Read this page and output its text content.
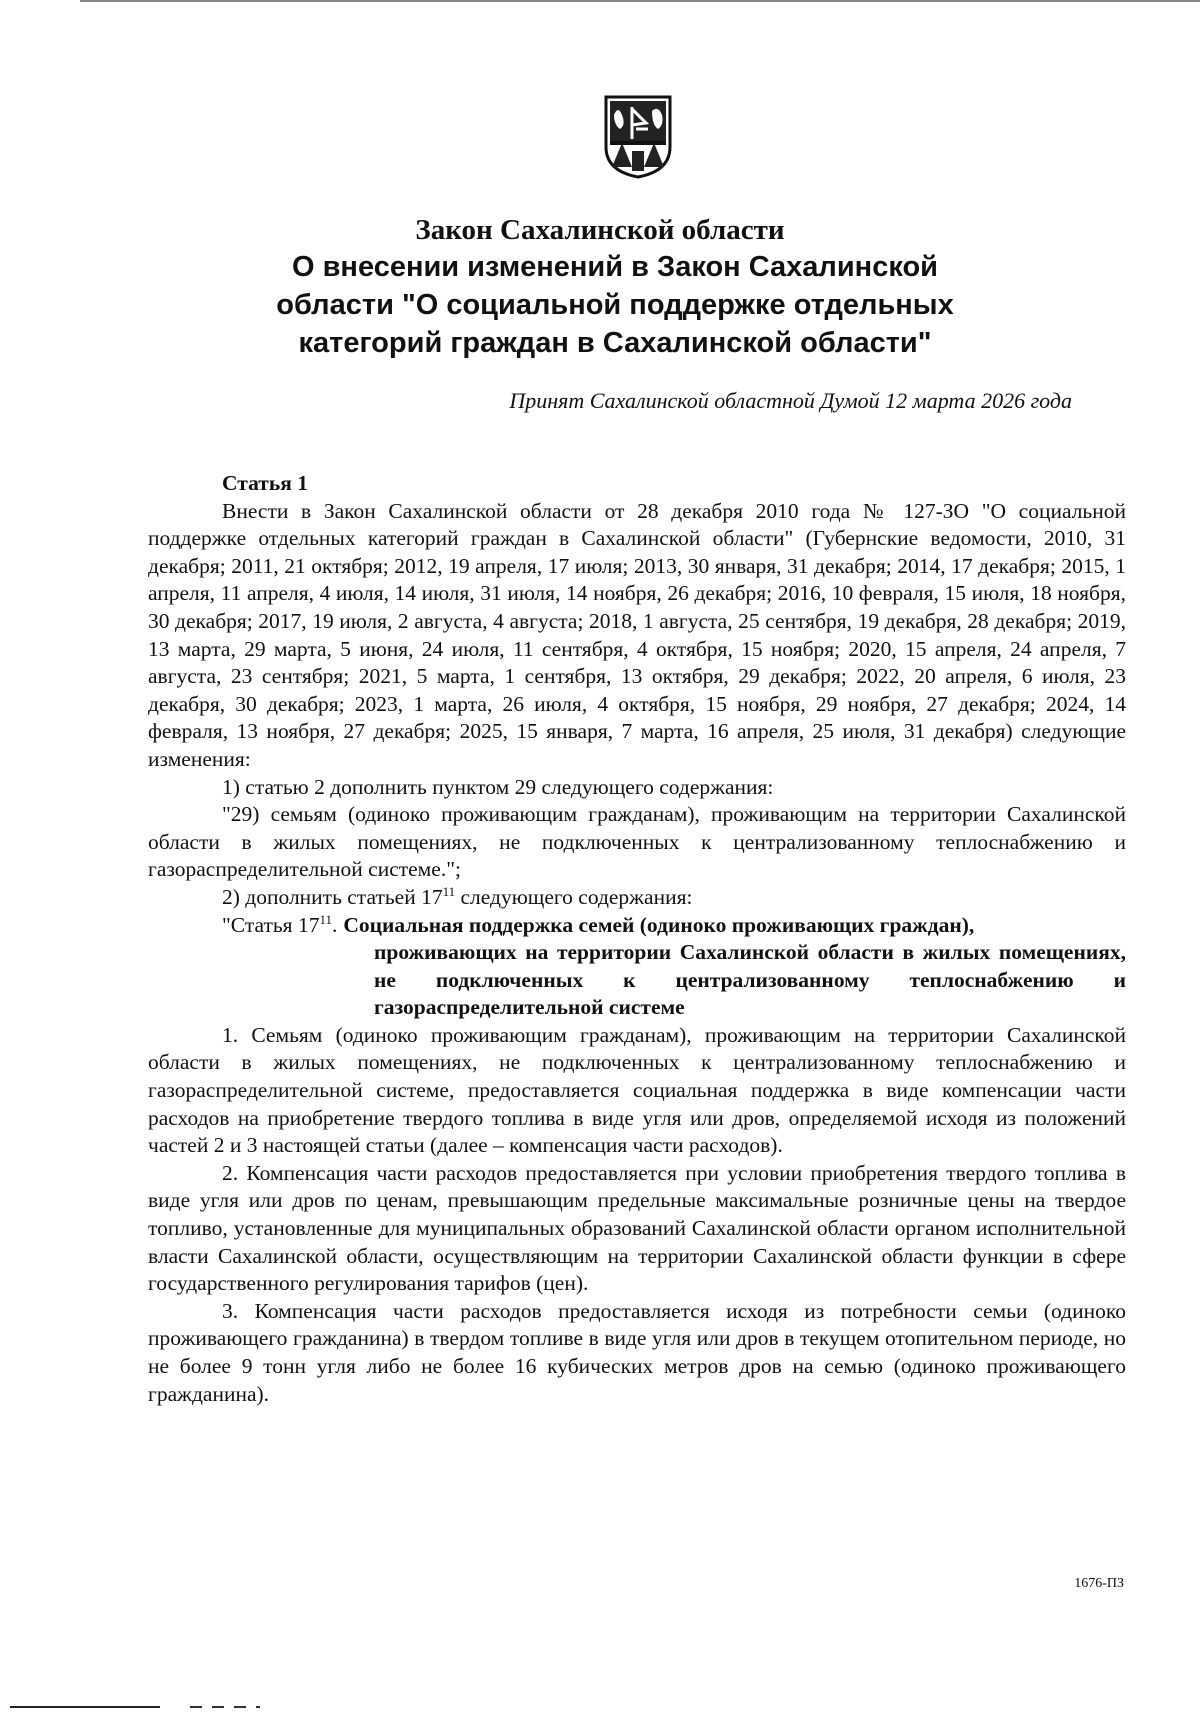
Закон Сахалинской области
О внесении изменений в Закон Сахалинской
области "О социальной поддержке отдельных
категорий граждан в Сахалинской области"
Принят Сахалинской областной Думой 12 марта 2026 года

Статья 1

Внести в Закон Сахалинской области от 28 декабря 2010 года № 127-ЗО "О социальной поддержке отдельных категорий граждан в Сахалинской области" (Губернские ведомости, 2010, 31 декабря; 2011, 21 октября; 2012, 19 апреля, 17 июля; 2013, 30 января, 31 декабря; 2014, 17 декабря; 2015, 1 апреля, 11 апреля, 4 июля, 14 июля, 31 июля, 14 ноября, 26 декабря; 2016, 10 февраля, 15 июля, 18 ноября, 30 декабря; 2017, 19 июля, 2 августа, 4 августа; 2018, 1 августа, 25 сентября, 19 декабря, 28 декабря; 2019, 13 марта, 29 марта, 5 июня, 24 июля, 11 сентября, 4 октября, 15 ноября; 2020, 15 апреля, 24 апреля, 7 августа, 23 сентября; 2021, 5 марта, 1 сентября, 13 октября, 29 декабря; 2022, 20 апреля, 6 июля, 23 декабря, 30 декабря; 2023, 1 марта, 26 июля, 4 октября, 15 ноября, 29 ноября, 27 декабря; 2024, 14 февраля, 13 ноября, 27 декабря; 2025, 15 января, 7 марта, 16 апреля, 25 июля, 31 декабря) следующие изменения:

1) статью 2 дополнить пунктом 29 следующего содержания:

"29) семьям (одиноко проживающим гражданам), проживающим на территории Сахалинской области в жилых помещениях, не подключенных к централизованному теплоснабжению и газораспределительной системе.";

2) дополнить статьей $17^{11}$ следующего содержания:

"Статья $17^{11}$. Социальная поддержка семей (одиноко проживающих граждан),

проживающих на территории Сахалинской области в жилых помещениях, не подключенных к централизованному теплоснабжению и газораспределительной системе

1. Семьям (одиноко проживающим гражданам), проживающим на территории Сахалинской области в жилых помещениях, не подключенных к централизованному теплоснабжению и газораспределительной системе, предоставляется социальная поддержка в виде компенсации части расходов на приобретение твердого топлива в виде угля или дров, определяемой исходя из положений частей 2 и 3 настоящей статьи (далее – компенсация части расходов).

2. Компенсация части расходов предоставляется при условии приобретения твердого топлива в виде угля или дров по ценам, превышающим предельные максимальные розничные цены на твердое топливо, установленные для муниципальных образований Сахалинской области органом исполнительной власти Сахалинской области, осуществляющим на территории Сахалинской области функции в сфере государственного регулирования тарифов (цен).

3. Компенсация части расходов предоставляется исходя из потребности семьи (одиноко проживающего гражданина) в твердом топливе в виде угля или дров в текущем отопительном периоде, но не более 9 тонн угля либо не более 16 кубических метров дров на семью (одиноко проживающего гражданина).

1676-ПЗ
